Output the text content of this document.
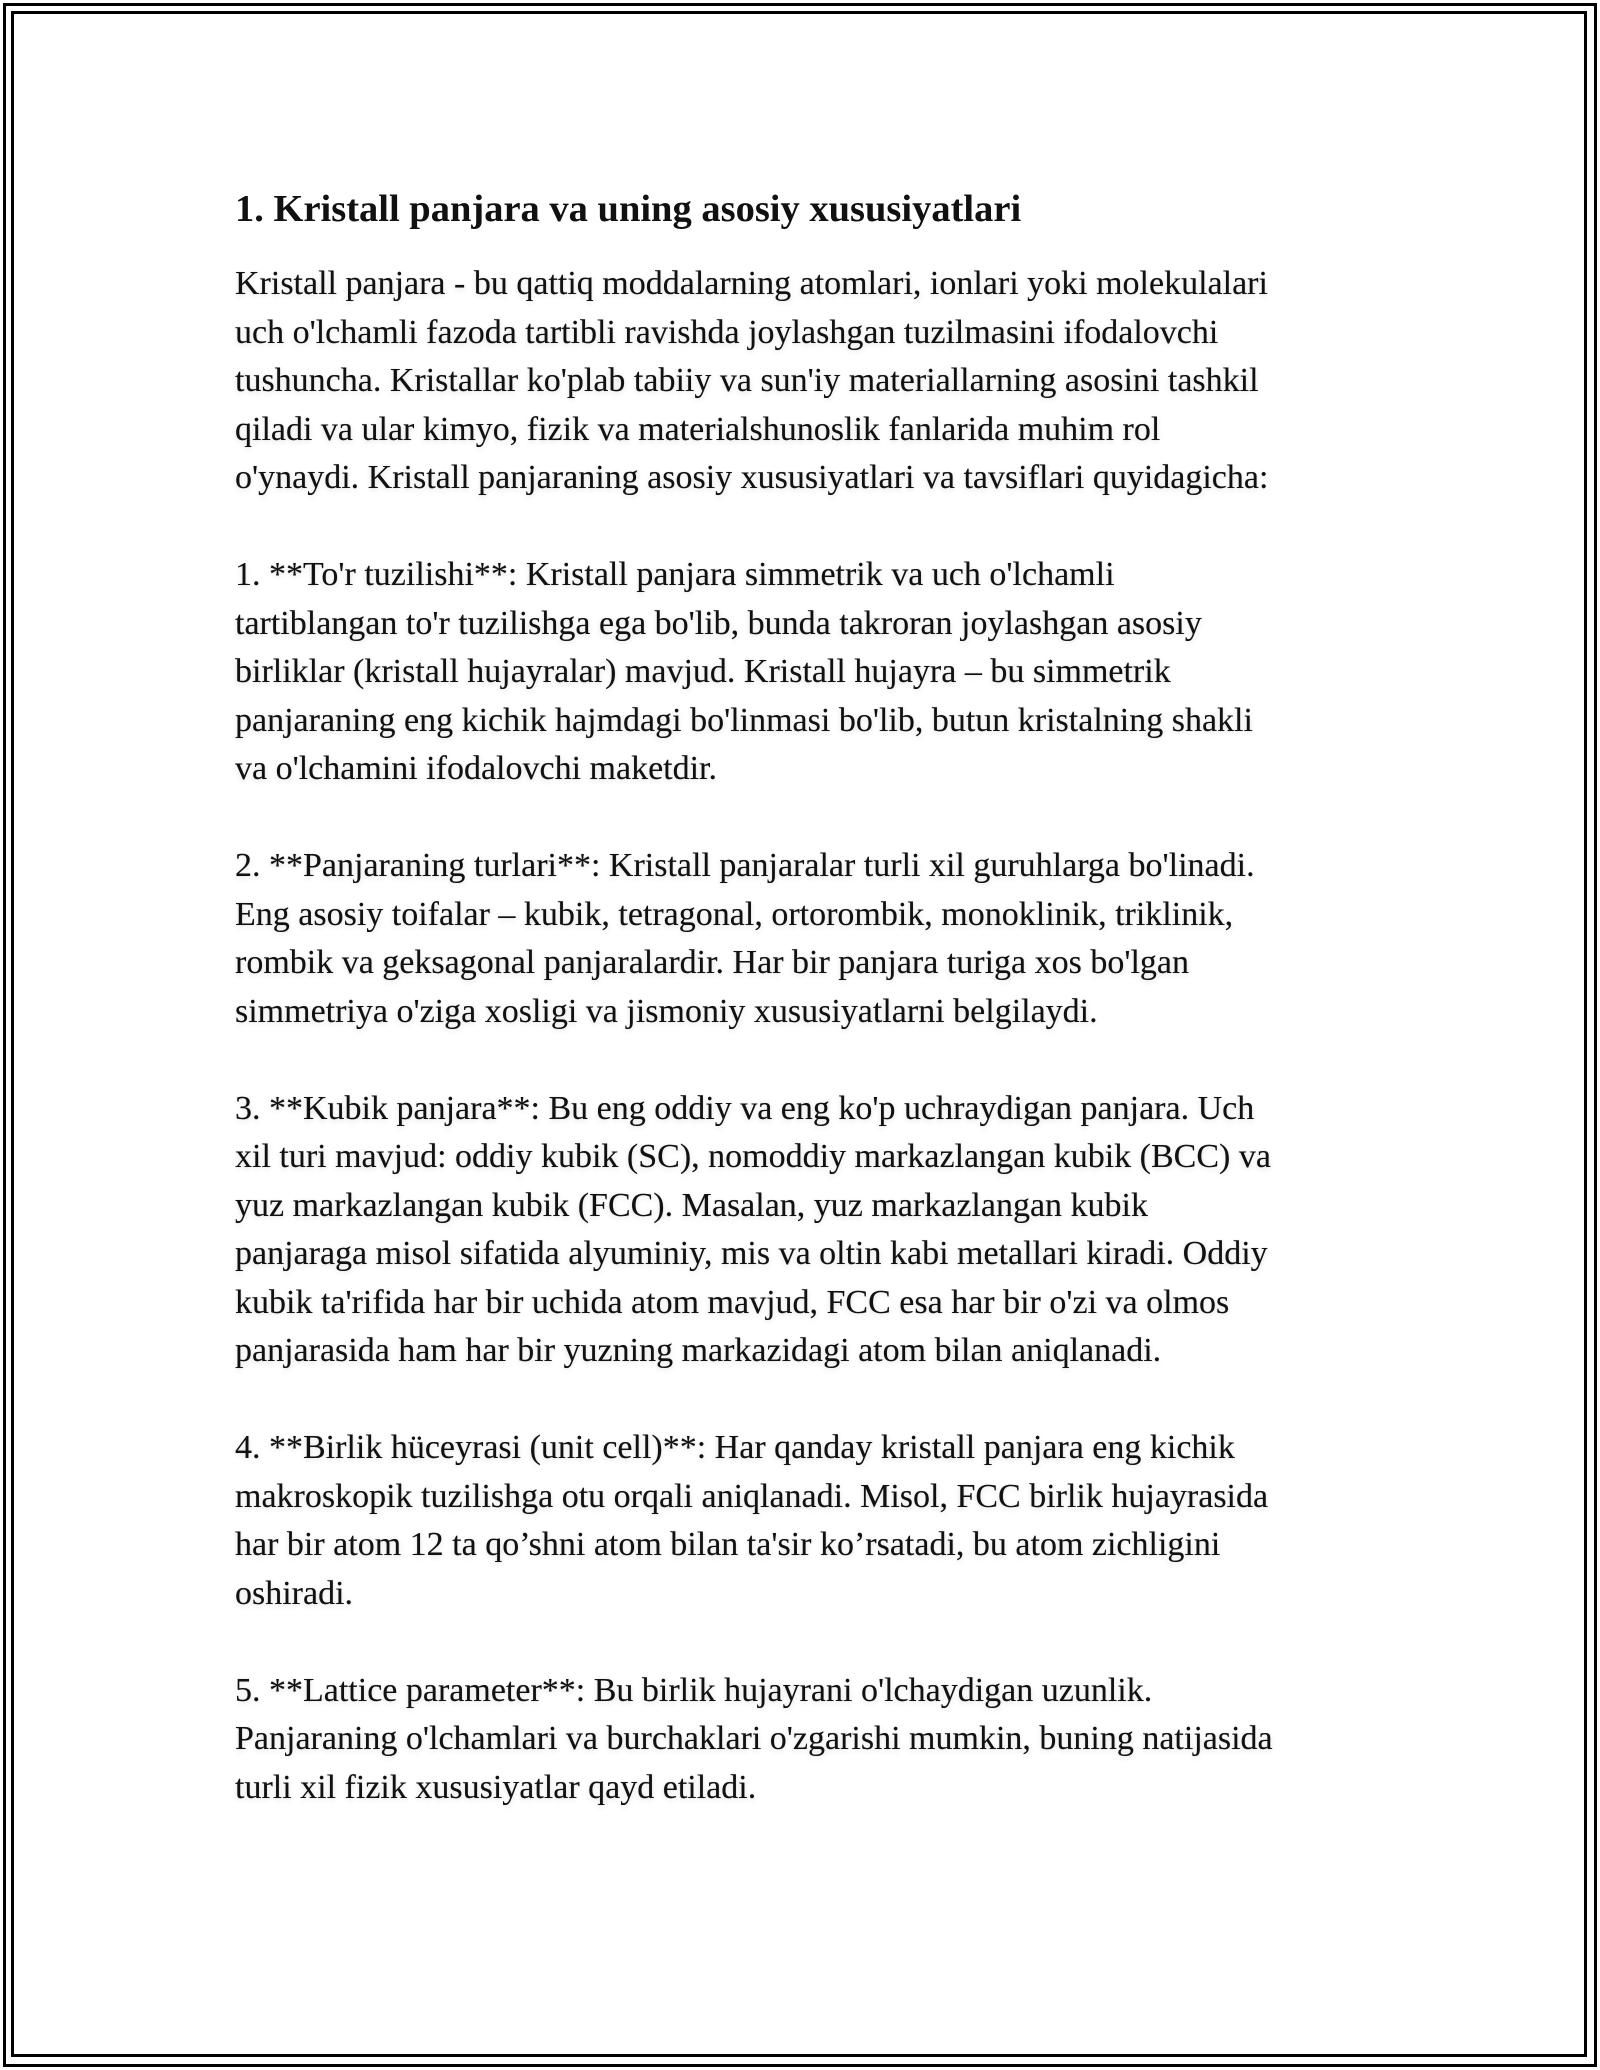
1. Kristall panjara va uning asosiy xususiyatlari

Kristall panjara - bu qattiq moddalarning atomlari, ionlari yoki molekulalari
uch o'lchamli fazoda tartibli ravishda joylashgan tuzilmasini ifodalovchi
tushuncha. Kristallar ko'plab tabiiy va sun'iy materiallarning asosini tashkil
qiladi va ular kimyo, fizik va materialshunoslik fanlarida muhim rol
o'ynaydi. Kristall panjaraning asosiy xususiyatlari va tavsiflari quyidagicha:

1. **To'r tuzilishi**: Kristall panjara simmetrik va uch o'lchamli
tartiblangan to'r tuzilishga ega bo'lib, bunda takroran joylashgan asosiy
birliklar (kristall hujayralar) mavjud. Kristall hujayra – bu simmetrik
panjaraning eng kichik hajmdagi bo'linmasi bo'lib, butun kristalning shakli
va o'lchamini ifodalovchi maketdir.

2. **Panjaraning turlari**: Kristall panjaralar turli xil guruhlarga bo'linadi.
Eng asosiy toifalar – kubik, tetragonal, ortorombik, monoklinik, triklinik,
rombik va geksagonal panjaralardir. Har bir panjara turiga xos bo'lgan
simmetriya o'ziga xosligi va jismoniy xususiyatlarni belgilaydi.

3. **Kubik panjara**: Bu eng oddiy va eng ko'p uchraydigan panjara. Uch
xil turi mavjud: oddiy kubik (SC), nomoddiy markazlangan kubik (BCC) va
yuz markazlangan kubik (FCC). Masalan, yuz markazlangan kubik
panjaraga misol sifatida alyuminiy, mis va oltin kabi metallari kiradi. Oddiy
kubik ta'rifida har bir uchida atom mavjud, FCC esa har bir o'zi va olmos
panjarasida ham har bir yuzning markazidagi atom bilan aniqlanadi.

4. **Birlik hüceyrasi (unit cell)**: Har qanday kristall panjara eng kichik
makroskopik tuzilishga otu orqali aniqlanadi. Misol, FCC birlik hujayrasida
har bir atom 12 ta qo’shni atom bilan ta'sir ko’rsatadi, bu atom zichligini
oshiradi.

5. **Lattice parameter**: Bu birlik hujayrani o'lchaydigan uzunlik.
Panjaraning o'lchamlari va burchaklari o'zgarishi mumkin, buning natijasida
turli xil fizik xususiyatlar qayd etiladi.
